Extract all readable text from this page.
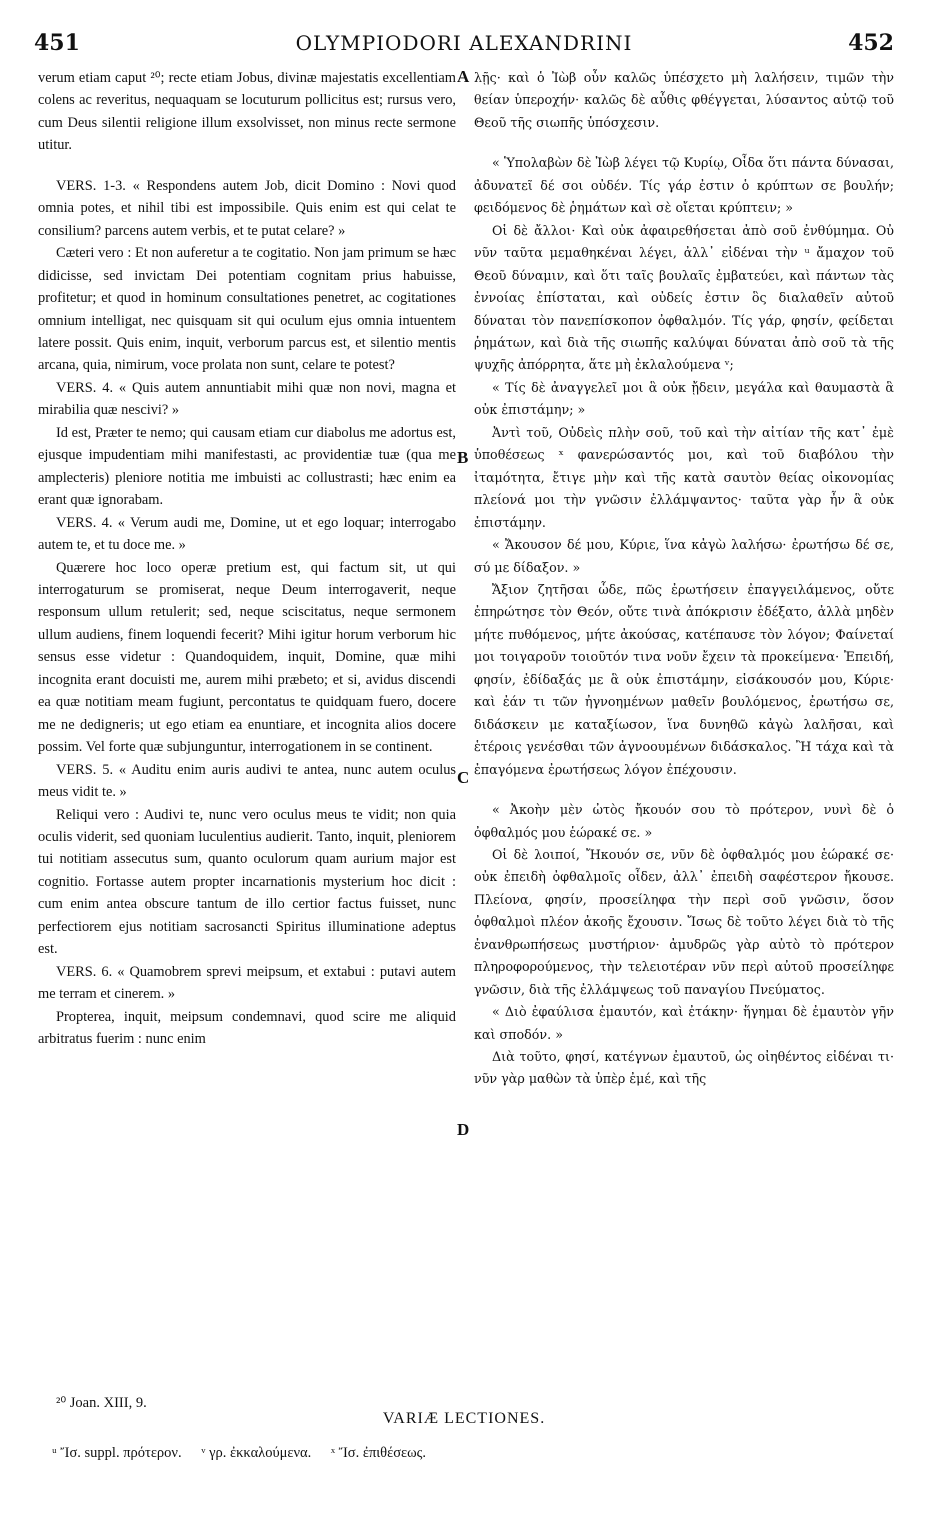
451	OLYMPIODORI ALEXANDRINI	452

verum etiam caput ²⁰; recte etiam Jobus, divinæ majestatis excellentiam colens ac reveritus, nequaquam se locuturum pollicitus est; rursus vero, cum Deus silentii religione illum exsolvisset, non minus recte sermone utitur.

VERS. 1-3. « Respondens autem Job, dicit Domino : Novi quod omnia potes, et nihil tibi est impossibile. Quis enim est qui celat te consilium? parcens autem verbis, et te putat celare? »

Cæteri vero : Et non auferetur a te cogitatio. Non jam primum se hæc didicisse, sed invictam Dei potentiam cognitam prius habuisse, profitetur; et quod in hominum consultationes penetret, ac cogitationes omnium intelligat, nec quisquam sit qui oculum ejus omnia intuentem latere possit. Quis enim, inquit, verborum parcus est, et silentio mentis arcana, quia, nimirum, voce prolata non sunt, celare te potest?

VERS. 4. « Quis autem annuntiabit mihi quæ non novi, magna et mirabilia quæ nescivi? »

Id est, Præter te nemo; qui causam etiam cur diabolus me adortus est, ejusque impudentiam mihi manifestasti, ac providentiæ tuæ (qua me amplecteris) pleniore notitia me imbuisti ac collustrasti; hæc enim ea erant quæ ignorabam.

VERS. 4. « Verum audi me, Domine, ut et ego loquar; interrogabo autem te, et tu doce me. »

Quærere hoc loco operæ pretium est, qui factum sit, ut qui interrogaturum se promiserat, neque Deum interrogaverit, neque responsum ullum retulerit; sed, neque sciscitatus, neque sermonem ullum audiens, finem loquendi fecerit? Mihi igitur horum verborum hic sensus esse videtur : Quandoquidem, inquit, Domine, quæ mihi incognita erant docuisti me, aurem mihi præbeto; et si, avidus discendi ea quæ notitiam meam fugiunt, percontatus te quidquam fuero, docere me ne dedigneris; ut ego etiam ea enuntiare, et incognita alios docere possim. Vel forte quæ subjunguntur, interrogationem in se continent.

VERS. 5. « Auditu enim auris audivi te antea, nunc autem oculus meus vidit te. »

Reliqui vero : Audivi te, nunc vero oculus meus te vidit; non quia oculis viderit, sed quoniam luculentius audierit. Tanto, inquit, pleniorem tui notitiam assecutus sum, quanto oculorum quam aurium major est cognitio. Fortasse autem propter incarnationis mysterium hoc dicit : cum enim antea obscure tantum de illo certior factus fuisset, nunc perfectiorem ejus notitiam sacrosancti Spiritus illuminatione adeptus est.

VERS. 6. « Quamobrem sprevi meipsum, et extabui : putavi autem me terram et cinerem. »

Propterea, inquit, meipsum condemnavi, quod scire me aliquid arbitratus fuerim : nunc enim

A
B
C
D

λῇς· καὶ ὁ Ἰὼβ οὖν καλῶς ὑπέσχετο μὴ λαλήσειν, τιμῶν τὴν θείαν ὑπεροχήν· καλῶς δὲ αὖθις φθέγγεται, λύσαντος αὐτῷ τοῦ Θεοῦ τῆς σιωπῆς ὑπόσχεσιν.

« Ὑπολαβὼν δὲ Ἰὼβ λέγει τῷ Κυρίῳ, Οἶδα ὅτι πάντα δύνασαι, ἀδυνατεῖ δέ σοι οὐδέν. Τίς γάρ ἐστιν ὁ κρύπτων σε βουλήν; φειδόμενος δὲ ῥημάτων καὶ σὲ οἴεται κρύπτειν; »

Οἱ δὲ ἄλλοι· Καὶ οὐκ ἀφαιρεθήσεται ἀπὸ σοῦ ἐνθύμημα. Οὐ νῦν ταῦτα μεμαθηκέναι λέγει, ἀλλ᾽ εἰδέναι τὴν ᵘ ἄμαχον τοῦ Θεοῦ δύναμιν, καὶ ὅτι ταῖς βουλαῖς ἐμβατεύει, καὶ πάντων τὰς ἐννοίας ἐπίσταται, καὶ οὐδείς ἐστιν ὃς διαλαθεῖν αὐτοῦ δύναται τὸν πανεπίσκοπον ὀφθαλμόν. Τίς γάρ, φησίν, φείδεται ῥημάτων, καὶ διὰ τῆς σιωπῆς καλύψαι δύναται ἀπὸ σοῦ τὰ τῆς ψυχῆς ἀπόρρητα, ἅτε μὴ ἐκλαλούμενα ᵛ;

« Τίς δὲ ἀναγγελεῖ μοι ἃ οὐκ ᾔδειν, μεγάλα καὶ θαυμαστὰ ἃ οὐκ ἐπιστάμην; »

Ἀντὶ τοῦ, Οὐδεὶς πλὴν σοῦ, τοῦ καὶ τὴν αἰτίαν τῆς κατ᾽ ἐμὲ ὑποθέσεως ˣ φανερώσαντός μοι, καὶ τοῦ διαβόλου τὴν ἰταμότητα, ἔτιγε μὴν καὶ τῆς κατὰ σαυτὸν θείας οἰκονομίας πλείονά μοι τὴν γνῶσιν ἐλλάμψαντος· ταῦτα γὰρ ἦν ἃ οὐκ ἐπιστάμην.

« Ἄκουσον δέ μου, Κύριε, ἵνα κἀγὼ λαλήσω· ἐρωτήσω δέ σε, σύ με δίδαξον. »

Ἄξιον ζητῆσαι ὧδε, πῶς ἐρωτήσειν ἐπαγγειλάμενος, οὔτε ἐπηρώτησε τὸν Θεόν, οὔτε τινὰ ἀπόκρισιν ἐδέξατο, ἀλλὰ μηδὲν μήτε πυθόμενος, μήτε ἀκούσας, κατέπαυσε τὸν λόγον; Φαίνεταί μοι τοιγαροῦν τοιοῦτόν τινα νοῦν ἔχειν τὰ προκείμενα· Ἐπειδή, φησίν, ἐδίδαξάς με ἃ οὐκ ἐπιστάμην, εἰσάκουσόν μου, Κύριε· καὶ ἐάν τι τῶν ἠγνοημένων μαθεῖν βουλόμενος, ἐρωτήσω σε, διδάσκειν με καταξίωσον, ἵνα δυνηθῶ κἀγὼ λαλῆσαι, καὶ ἑτέροις γενέσθαι τῶν ἀγνοουμένων διδάσκαλος. Ἢ τάχα καὶ τὰ ἐπαγόμενα ἐρωτήσεως λόγον ἐπέχουσιν.

« Ἀκοὴν μὲν ὠτὸς ἤκουόν σου τὸ πρότερον, νυνὶ δὲ ὁ ὀφθαλμός μου ἑώρακέ σε. »

Οἱ δὲ λοιποί, Ἤκουόν σε, νῦν δὲ ὀφθαλμός μου ἑώρακέ σε· οὐκ ἐπειδὴ ὀφθαλμοῖς οἶδεν, ἀλλ᾽ ἐπειδὴ σαφέστερον ἤκουσε. Πλείονα, φησίν, προσείληφα τὴν περὶ σοῦ γνῶσιν, ὅσον ὀφθαλμοὶ πλέον ἀκοῆς ἔχουσιν. Ἴσως δὲ τοῦτο λέγει διὰ τὸ τῆς ἐνανθρωπήσεως μυστήριον· ἀμυδρῶς γὰρ αὐτὸ τὸ πρότερον πληροφορούμενος, τὴν τελειοτέραν νῦν περὶ αὐτοῦ προσείληφε γνῶσιν, διὰ τῆς ἐλλάμψεως τοῦ παναγίου Πνεύματος.

« Διὸ ἐφαύλισα ἐμαυτόν, καὶ ἐτάκην· ἥγημαι δὲ ἐμαυτὸν γῆν καὶ σποδόν. »

Διὰ τοῦτο, φησί, κατέγνων ἐμαυτοῦ, ὡς οἰηθέντος εἰδέναι τι· νῦν γὰρ μαθὼν τὰ ὑπὲρ ἐμέ, καὶ τῆς

²⁰ Joan. XIII, 9.
VARIÆ LECTIONES.
ᵘ Ἴσ. suppl. πρότερον. ᵛ γρ. ἐκκαλούμενα. ˣ Ἴσ. ἐπιθέσεως.
